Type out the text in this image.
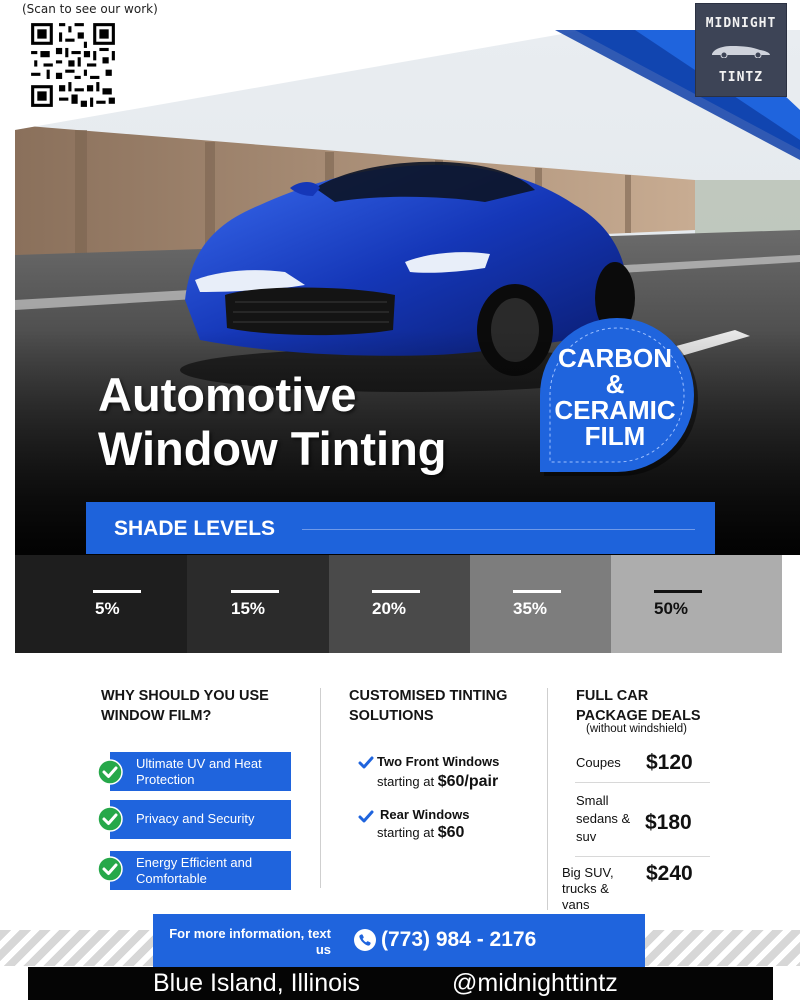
(Scan to see our work)
MIDNIGHT
TINTZ
Automotive
Window Tinting
CARBON
&
CERAMIC
FILM
SHADE LEVELS
5%	15%	20%	35%	50%
WHY SHOULD YOU USE
WINDOW FILM?
Ultimate UV and Heat Protection
Privacy and Security
Energy Efficient and Comfortable
CUSTOMISED TINTING
SOLUTIONS
Two Front Windows
starting at $60/pair
Rear Windows
starting at $60
FULL CAR
PACKAGE DEALS
(without windshield)
Coupes $120
Small sedans & suv
$180
Big SUV, trucks & vans
$240
For more information, text us (773) 984 - 2176
Blue Island, Illinois	@midnighttintz
